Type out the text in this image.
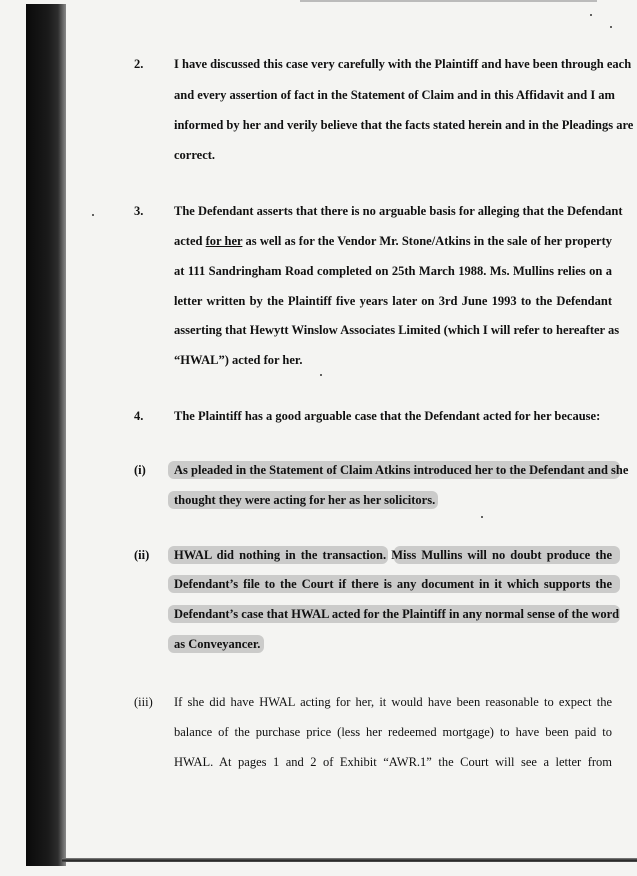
2. I have discussed this case very carefully with the Plaintiff and have been through each
and every assertion of fact in the Statement of Claim and in this Affidavit and I am
informed by her and verily believe that the facts stated herein and in the Pleadings are
correct.
3. The Defendant asserts that there is no arguable basis for alleging that the Defendant
acted for her as well as for the Vendor Mr. Stone/Atkins in the sale of her property
at 111 Sandringham Road completed on 25th March 1988. Ms. Mullins relies on a
letter written by the Plaintiff five years later on 3rd June 1993 to the Defendant
asserting that Hewytt Winslow Associates Limited (which I will refer to hereafter as
“HWAL”) acted for her.
4. The Plaintiff has a good arguable case that the Defendant acted for her because:
(i) As pleaded in the Statement of Claim Atkins introduced her to the Defendant and she
thought they were acting for her as her solicitors.
(ii) HWAL did nothing in the transaction. Miss Mullins will no doubt produce the
Defendant’s file to the Court if there is any document in it which supports the
Defendant’s case that HWAL acted for the Plaintiff in any normal sense of the word
as Conveyancer.
(iii) If she did have HWAL acting for her, it would have been reasonable to expect the
balance of the purchase price (less her redeemed mortgage) to have been paid to
HWAL. At pages 1 and 2 of Exhibit “AWR.1” the Court will see a letter from
